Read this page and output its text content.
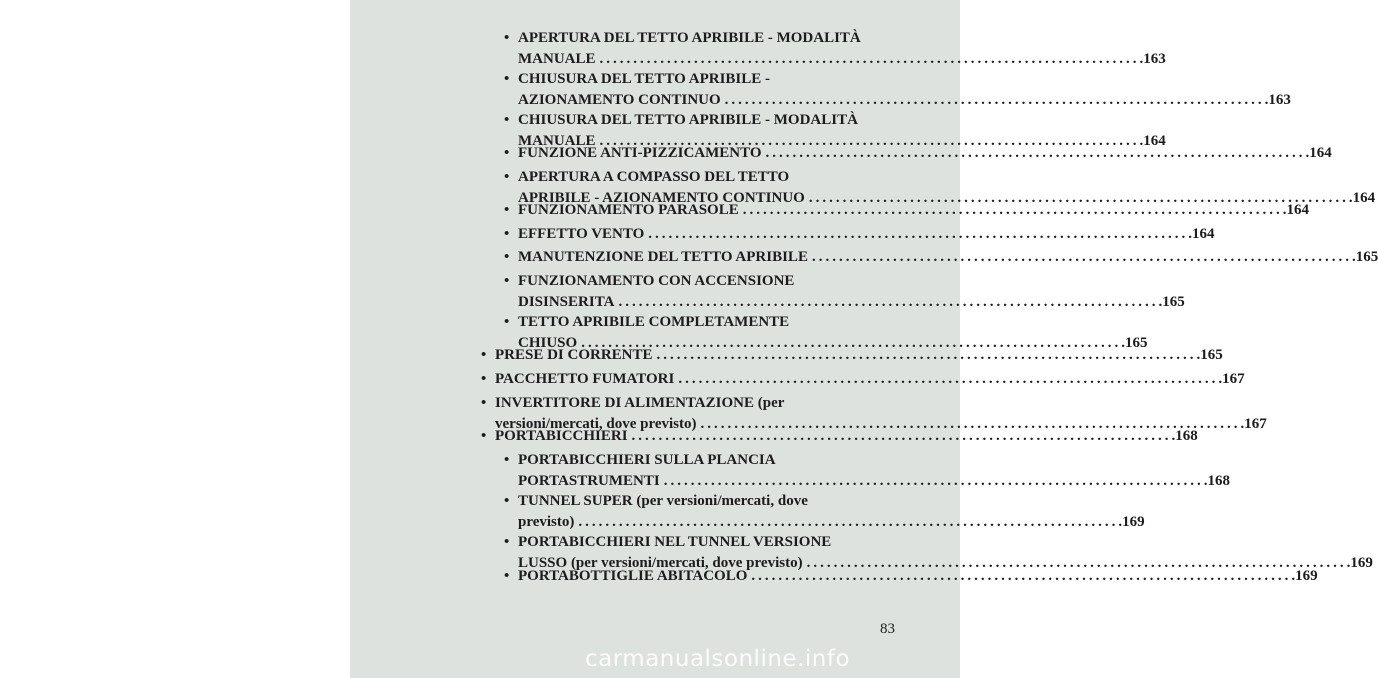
• APERTURA DEL TETTO APRIBILE - MODALITÀ
MANUALE ................................................................................ .163
• CHIUSURA DEL TETTO APRIBILE -
AZIONAMENTO CONTINUO ................................................................................ .163
• CHIUSURA DEL TETTO APRIBILE - MODALITÀ
MANUALE ................................................................................ .164
• FUNZIONE ANTI-PIZZICAMENTO ................................................................................ .164
• APERTURA A COMPASSO DEL TETTO
APRIBILE - AZIONAMENTO CONTINUO ................................................................................ .164
• FUNZIONAMENTO PARASOLE ................................................................................ .164
• EFFETTO VENTO ................................................................................ .164
• MANUTENZIONE DEL TETTO APRIBILE ................................................................................ .165
• FUNZIONAMENTO CON ACCENSIONE
DISINSERITA ................................................................................ .165
• TETTO APRIBILE COMPLETAMENTE
CHIUSO ................................................................................ .165
• PRESE DI CORRENTE ................................................................................ .165
• PACCHETTO FUMATORI ................................................................................ .167
• INVERTITORE DI ALIMENTAZIONE (per
versioni/mercati, dove previsto) ................................................................................ .167
• PORTABICCHIERI ................................................................................ .168
• PORTABICCHIERI SULLA PLANCIA
PORTASTRUMENTI ................................................................................ .168
• TUNNEL SUPER (per versioni/mercati, dove
previsto) ................................................................................ .169
• PORTABICCHIERI NEL TUNNEL VERSIONE
LUSSO (per versioni/mercati, dove previsto) ................................................................................ .169
• PORTABOTTIGLIE ABITACOLO ................................................................................ .169
83
carmanualsonline.info
